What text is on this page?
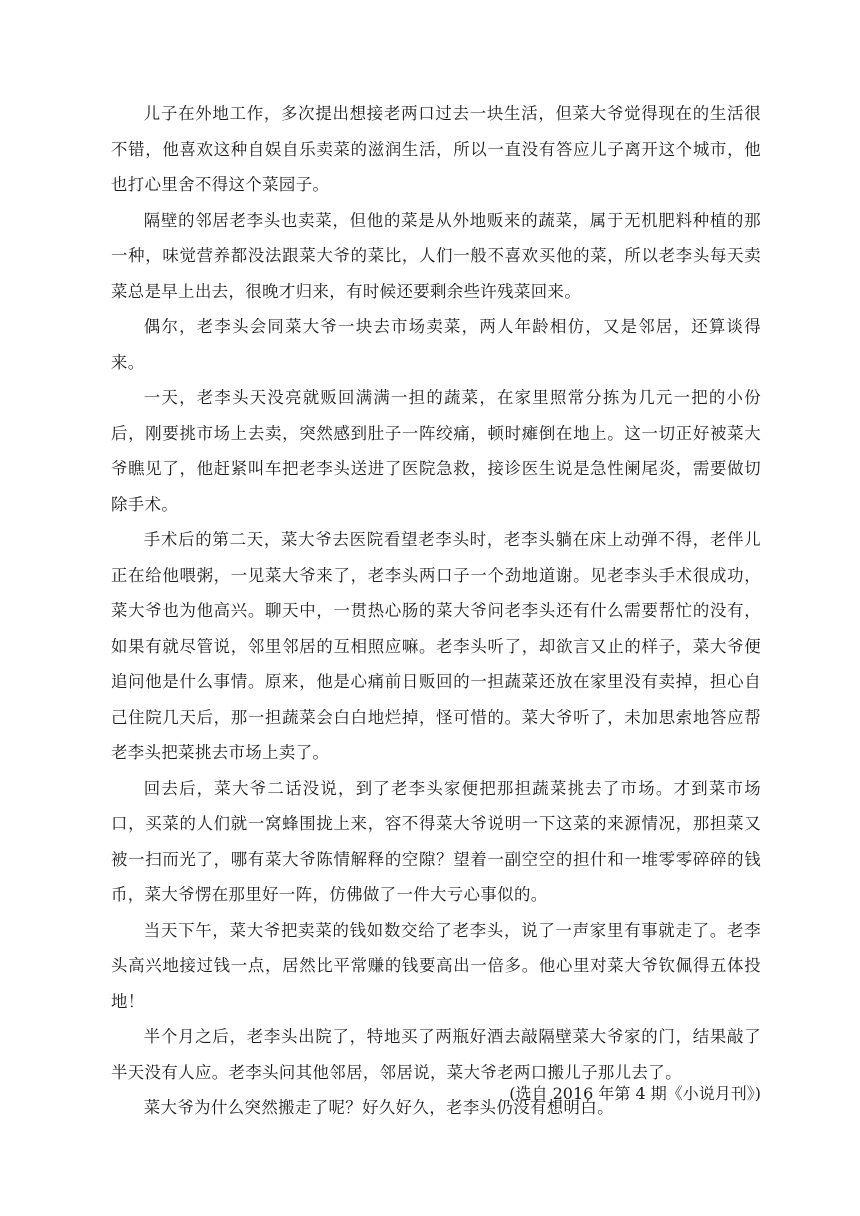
儿子在外地工作，多次提出想接老两口过去一块生活，但菜大爷觉得现在的生活很不错，他喜欢这种自娱自乐卖菜的滋润生活，所以一直没有答应儿子离开这个城市，他也打心里舍不得这个菜园子。

隔壁的邻居老李头也卖菜，但他的菜是从外地贩来的蔬菜，属于无机肥料种植的那一种，味觉营养都没法跟菜大爷的菜比，人们一般不喜欢买他的菜，所以老李头每天卖菜总是早上出去，很晚才归来，有时候还要剩余些许残菜回来。

偶尔，老李头会同菜大爷一块去市场卖菜，两人年龄相仿，又是邻居，还算谈得来。

一天，老李头天没亮就贩回满满一担的蔬菜，在家里照常分拣为几元一把的小份后，刚要挑市场上去卖，突然感到肚子一阵绞痛，顿时瘫倒在地上。这一切正好被菜大爷瞧见了，他赶紧叫车把老李头送进了医院急救，接诊医生说是急性阑尾炎，需要做切除手术。

手术后的第二天，菜大爷去医院看望老李头时，老李头躺在床上动弹不得，老伴儿正在给他喂粥，一见菜大爷来了，老李头两口子一个劲地道谢。见老李头手术很成功，菜大爷也为他高兴。聊天中，一贯热心肠的菜大爷问老李头还有什么需要帮忙的没有，如果有就尽管说，邻里邻居的互相照应嘛。老李头听了，却欲言又止的样子，菜大爷便追问他是什么事情。原来，他是心痛前日贩回的一担蔬菜还放在家里没有卖掉，担心自己住院几天后，那一担蔬菜会白白地烂掉，怪可惜的。菜大爷听了，未加思索地答应帮老李头把菜挑去市场上卖了。

回去后，菜大爷二话没说，到了老李头家便把那担蔬菜挑去了市场。才到菜市场口，买菜的人们就一窝蜂围拢上来，容不得菜大爷说明一下这菜的来源情况，那担菜又被一扫而光了，哪有菜大爷陈情解释的空隙？望着一副空空的担什和一堆零零碎碎的钱币，菜大爷愣在那里好一阵，仿佛做了一件大亏心事似的。

当天下午，菜大爷把卖菜的钱如数交给了老李头，说了一声家里有事就走了。老李头高兴地接过钱一点，居然比平常赚的钱要高出一倍多。他心里对菜大爷钦佩得五体投地！

半个月之后，老李头出院了，特地买了两瓶好酒去敲隔壁菜大爷家的门，结果敲了半天没有人应。老李头问其他邻居，邻居说，菜大爷老两口搬儿子那儿去了。

菜大爷为什么突然搬走了呢？好久好久，老李头仍没有想明白。

(选自 2016 年第 4 期《小说月刊》)
